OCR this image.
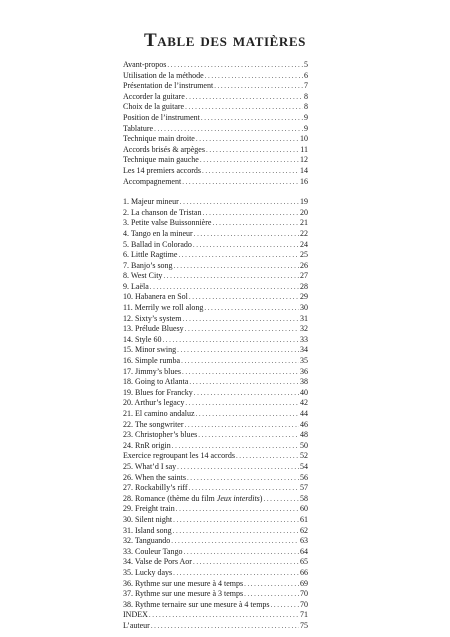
Table des matières
Avant-propos .....	5
Utilisation de la méthode .....	6
Présentation de l’instrument .....	7
Accorder la guitare .....	8
Choix de la guitare .....	8
Position de l’instrument .....	9
Tablature .....	9
Technique main droite .....	10
Accords brisés & arpèges .....	11
Technique main gauche .....	12
Les 14 premiers accords .....	14
Accompagnement .....	16
1. Majeur mineur .....	19
2. La chanson de Tristan .....	20
3. Petite valse Buissonnière .....	21
4. Tango en la mineur .....	22
5. Ballad in Colorado .....	24
6. Little Ragtime .....	25
7. Banjo’s song .....	26
8. West City .....	27
9. Laëla .....	28
10. Habanera en Sol .....	29
11. Merrily we roll along .....	30
12. Sixty’s system .....	31
13. Prélude Bluesy .....	32
14. Style 60 .....	33
15. Minor swing .....	34
16. Simple rumba .....	35
17. Jimmy’s blues .....	36
18. Going to Atlanta .....	38
19. Blues for Francky .....	40
20. Arthur’s legacy .....	42
21. El camino andaluz .....	44
22. The songwriter .....	46
23. Christopher’s blues .....	48
24. RnR origin .....	50
Exercice regroupant les 14 accords .....	52
25. What’d I say .....	54
26. When the saints .....	56
27. Rockabilly’s riff .....	57
28. Romance (thème du film Jeux interdits) .....	58
29. Freight train .....	60
30. Silent night .....	61
31. Island song .....	62
32. Tanguando .....	63
33. Couleur Tango .....	64
34. Valse de Pors Aor .....	65
35. Lucky days .....	66
36. Rythme sur une mesure à 4 temps .....	69
37. Rythme sur une mesure à 3 temps .....	70
38. Rythme ternaire sur une mesure à 4 temps .....	70
INDEX .....	71
L’auteur .....	75
